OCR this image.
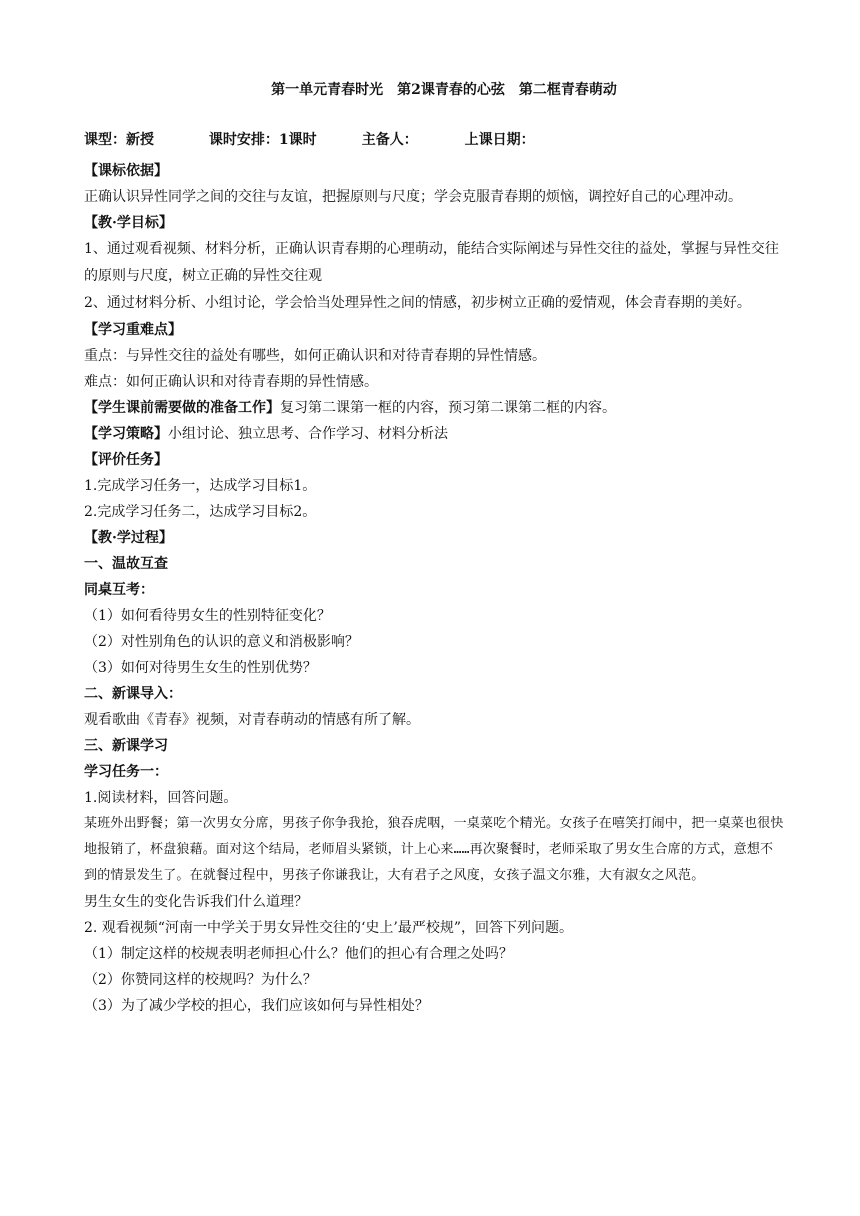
第一单元青春时光　第2课青春的心弦　第二框青春萌动
课型：新授	课时安排：1课时	主备人：	上课日期：

【课标依据】

正确认识异性同学之间的交往与友谊，把握原则与尺度；学会克服青春期的烦恼，调控好自己的心理冲动。

【教·学目标】

1、通过观看视频、材料分析，正确认识青春期的心理萌动，能结合实际阐述与异性交往的益处，掌握与异性交往的原则与尺度，树立正确的异性交往观

2、通过材料分析、小组讨论，学会恰当处理异性之间的情感，初步树立正确的爱情观，体会青春期的美好。

【学习重难点】

重点：与异性交往的益处有哪些，如何正确认识和对待青春期的异性情感。

难点：如何正确认识和对待青春期的异性情感。

【学生课前需要做的准备工作】复习第二课第一框的内容，预习第二课第二框的内容。

【学习策略】小组讨论、独立思考、合作学习、材料分析法

【评价任务】

1.完成学习任务一，达成学习目标1。

2.完成学习任务二，达成学习目标2。

【教·学过程】

一、温故互查

同桌互考：

（1）如何看待男女生的性别特征变化？

（2）对性别角色的认识的意义和消极影响？

（3）如何对待男生女生的性别优势？

二、新课导入：

观看歌曲《青春》视频，对青春萌动的情感有所了解。

三、新课学习

学习任务一：

1.阅读材料，回答问题。

某班外出野餐；第一次男女分席，男孩子你争我抢，狼吞虎咽，一桌菜吃个精光。女孩子在嘻笑打闹中，把一桌菜也很快地报销了，杯盘狼藉。面对这个结局，老师眉头紧锁，计上心来……再次聚餐时，老师采取了男女生合席的方式，意想不到的情景发生了。在就餐过程中，男孩子你谦我让，大有君子之风度，女孩子温文尔雅，大有淑女之风范。

男生女生的变化告诉我们什么道理？

2. 观看视频“河南一中学关于男女异性交往的‘史上’最严校规”，回答下列问题。

（1）制定这样的校规表明老师担心什么？他们的担心有合理之处吗？

（2）你赞同这样的校规吗？为什么？

（3）为了减少学校的担心，我们应该如何与异性相处？
